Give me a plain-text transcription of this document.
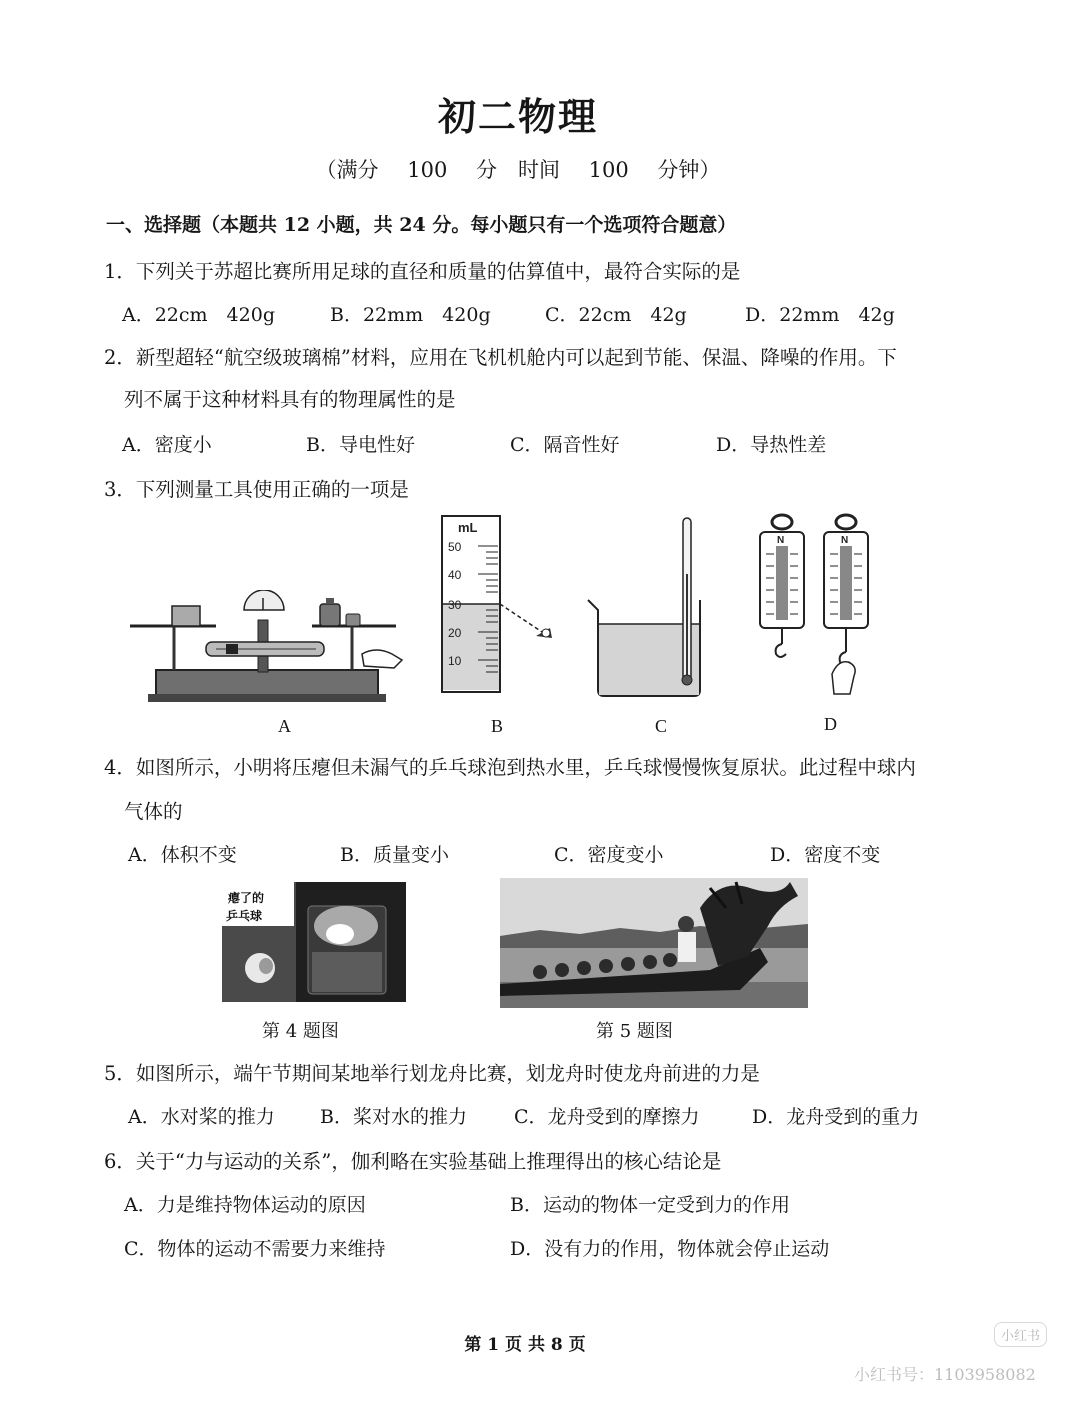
初二物理
（满分 100 分　时间 100 分钟）
一、选择题（本题共 12 小题，共 24 分。每小题只有一个选项符合题意）
1．下列关于苏超比赛所用足球的直径和质量的估算值中，最符合实际的是
A．22cm　420g	B．22mm　420g	C．22cm　42g	D．22mm　42g
2．新型超轻“航空级玻璃棉”材料，应用在飞机机舱内可以起到节能、保温、降噪的作用。下
列不属于这种材料具有的物理属性的是
A．密度小	B．导电性好	C．隔音性好	D．导热性差
3．下列测量工具使用正确的一项是
A
mL
50
40
30
20
10
B	C
N	N
D
4．如图所示，小明将压瘪但未漏气的乒乓球泡到热水里，乒乓球慢慢恢复原状。此过程中球内
气体的
A．体积不变	B．质量变小	C．密度变小	D．密度不变
瘪了的
乒乓球
第 4 题图	第 5 题图
5．如图所示，端午节期间某地举行划龙舟比赛，划龙舟时使龙舟前进的力是
A．水对桨的推力 B．桨对水的推力 C．龙舟受到的摩擦力	D．龙舟受到的重力
6．关于“力与运动的关系”，伽利略在实验基础上推理得出的核心结论是
A．力是维持物体运动的原因	B．运动的物体一定受到力的作用
C．物体的运动不需要力来维持	D．没有力的作用，物体就会停止运动
第 1 页 共 8 页	小红书
小红书号：1103958082
